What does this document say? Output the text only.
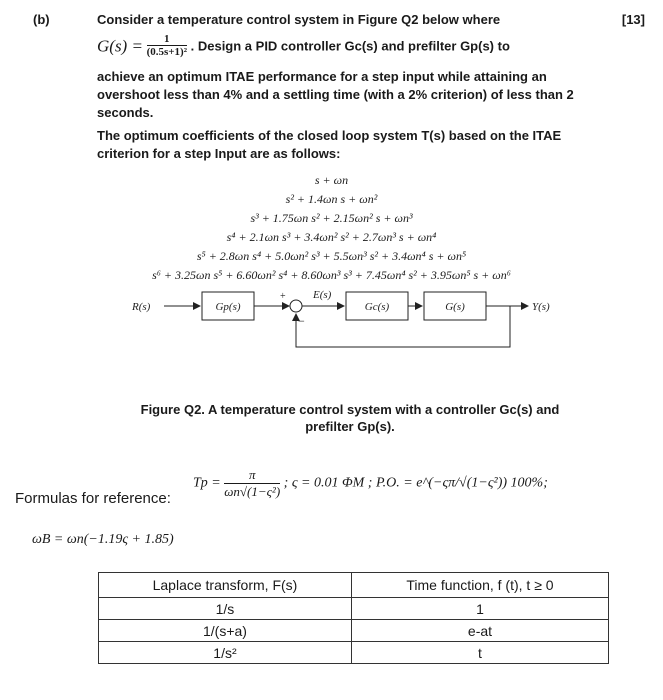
(b)	[13]
Consider a temperature control system in Figure Q2 below where
$G(s) = \frac{1}{\text{(0.5s+1)²}}$ . Design a PID controller Gc(s) and prefilter Gp(s) to
achieve an optimum ITAE performance for a step input while attaining an
overshoot less than 4% and a settling time (with a 2% criterion) of less than 2
seconds.
The optimum coefficients of the closed loop system T(s) based on the ITAE
criterion for a step Input are as follows:
s + ωn
s² + 1.4ωn s + ωn²
s³ + 1.75ωn s² + 2.15ωn² s + ωn³
s⁴ + 2.1ωn s³ + 3.4ωn² s² + 2.7ωn³ s + ωn⁴
s⁵ + 2.8ωn s⁴ + 5.0ωn² s³ + 5.5ωn³ s² + 3.4ωn⁴ s + ωn⁵
s⁶ + 3.25ωn s⁵ + 6.60ωn² s⁴ + 8.60ωn³ s³ + 7.45ωn⁴ s² + 3.95ωn⁵ s + ωn⁶
R(s)	Gp(s)
+
−
E(s)
Gc(s)	G(s)	Y(s)
Figure Q2. A temperature control system with a controller Gc(s) and
prefilter Gp(s).
Formulas for reference:
$Tp = \frac{\pi}{\text{ωn√(1−ς²)}}$ ; ς = 0.01 ΦM ; P.O. = e^(−ςπ/√(1−ς²)) 100%;
ωB = ωn(−1.19ς + 1.85)
Laplace transform, F(s)	Time function, f (t), t ≥ 0
1/s	1
1/(s+a)	e-at
1/s²	t
